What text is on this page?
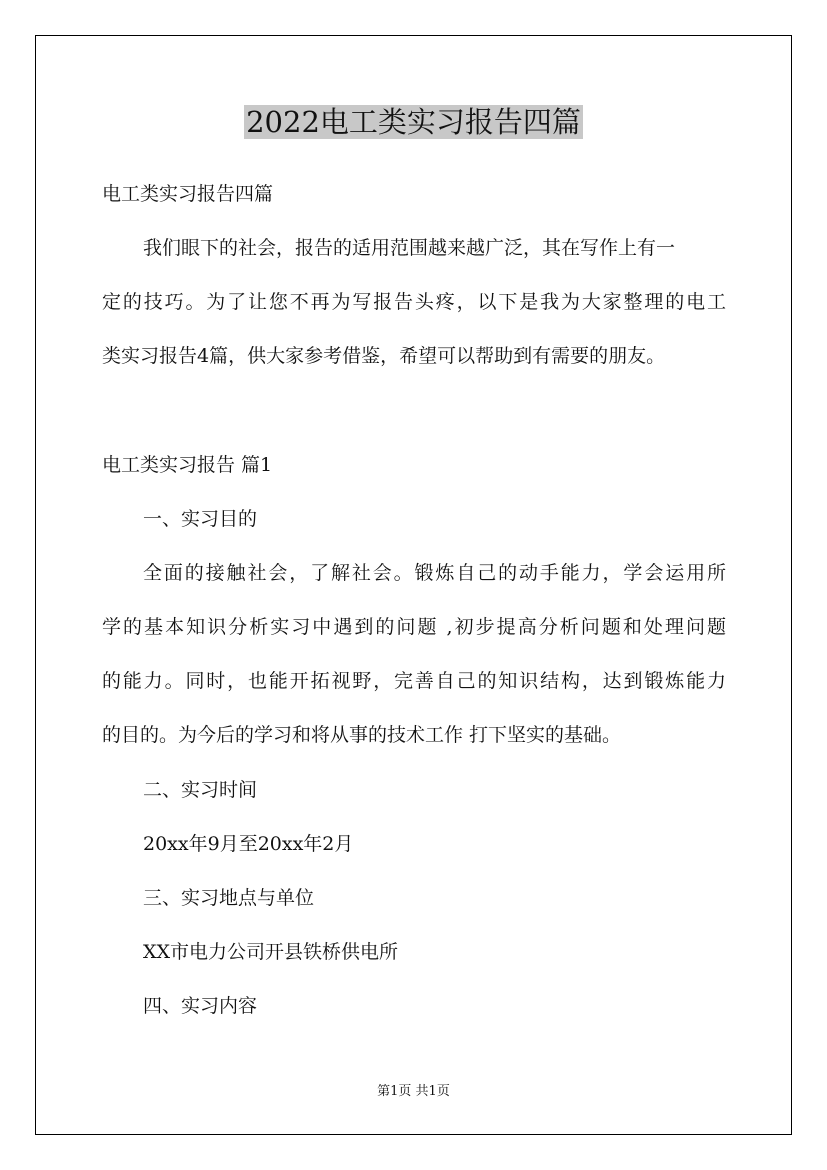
2022电工类实习报告四篇

电工类实习报告四篇

我们眼下的社会，报告的适用范围越来越广泛，其在写作上有一

定的技巧。为了让您不再为写报告头疼，以下是我为大家整理的电工

类实习报告4篇，供大家参考借鉴，希望可以帮助到有需要的朋友。

电工类实习报告 篇1

一、实习目的

全面的接触社会，了解社会。锻炼自己的动手能力，学会运用所

学的基本知识分析实习中遇到的问题 ,初步提高分析问题和处理问题

的能力。同时，也能开拓视野，完善自己的知识结构，达到锻炼能力

的目的。为今后的学习和将从事的技术工作 打下坚实的基础。

二、实习时间

20xx年9月至20xx年2月

三、实习地点与单位

XX市电力公司开县铁桥供电所

四、实习内容

第1页 共1页
